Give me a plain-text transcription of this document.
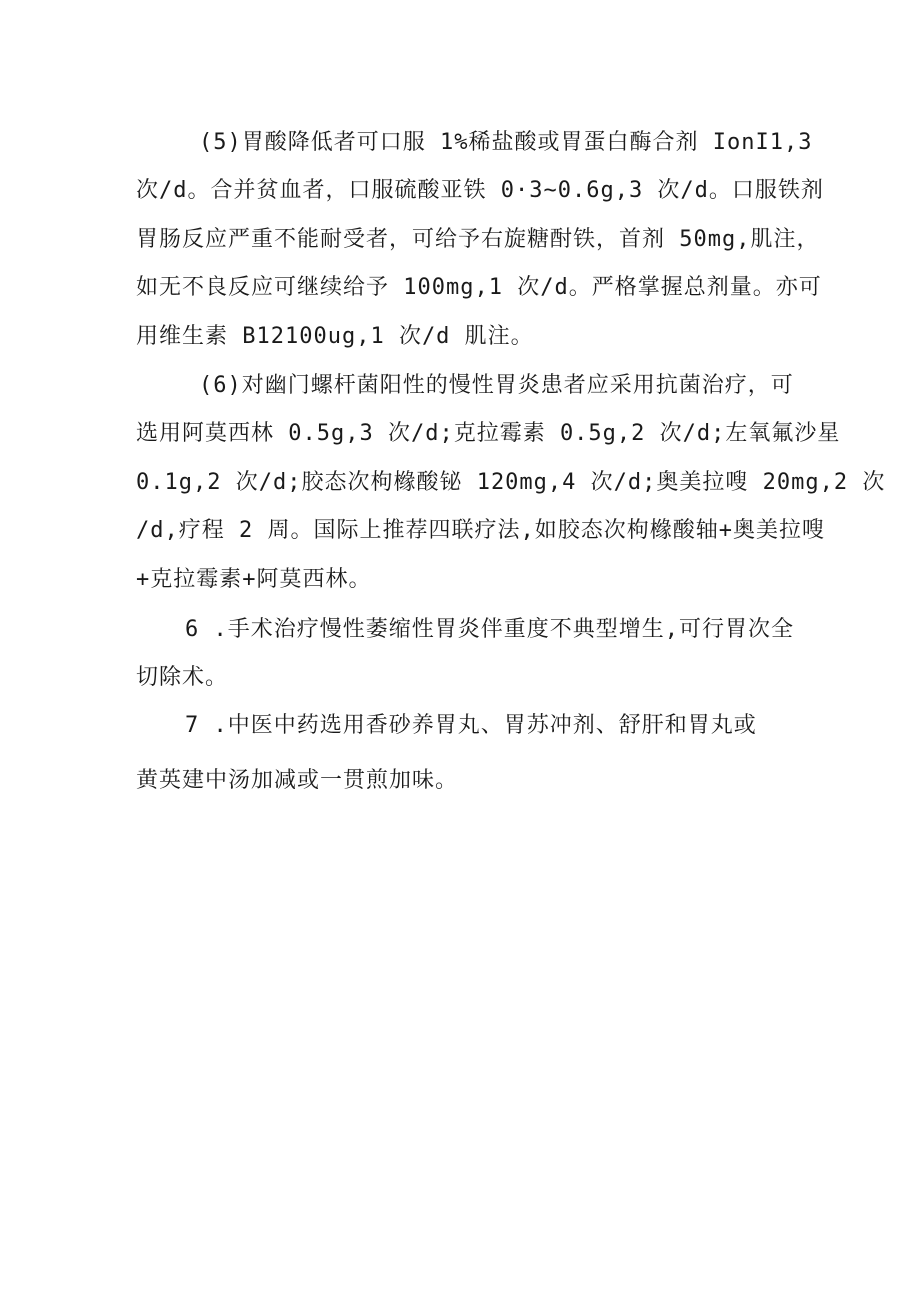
(5)胃酸降低者可口服 1%稀盐酸或胃蛋白酶合剂 IonI1,3
次/d。合并贫血者，口服硫酸亚铁 0·3~0.6g,3 次/d。口服铁剂
胃肠反应严重不能耐受者，可给予右旋糖酎铁，首剂 50mg,肌注，
如无不良反应可继续给予 100mg,1 次/d。严格掌握总剂量。亦可
用维生素 B12100ug,1 次/d 肌注。
(6)对幽门螺杆菌阳性的慢性胃炎患者应采用抗菌治疗，可
选用阿莫西林 0.5g,3 次/d;克拉霉素 0.5g,2 次/d;左氧氟沙星
0.1g,2 次/d;胶态次枸橼酸铋 120mg,4 次/d;奥美拉嗖 20mg,2 次
/d,疗程 2 周。国际上推荐四联疗法,如胶态次枸橼酸轴+奥美拉嗖
+克拉霉素+阿莫西林。
6 .手术治疗慢性萎缩性胃炎伴重度不典型增生,可行胃次全
切除术。
7 .中医中药选用香砂养胃丸、胃苏冲剂、舒肝和胃丸或
黄英建中汤加减或一贯煎加味。
